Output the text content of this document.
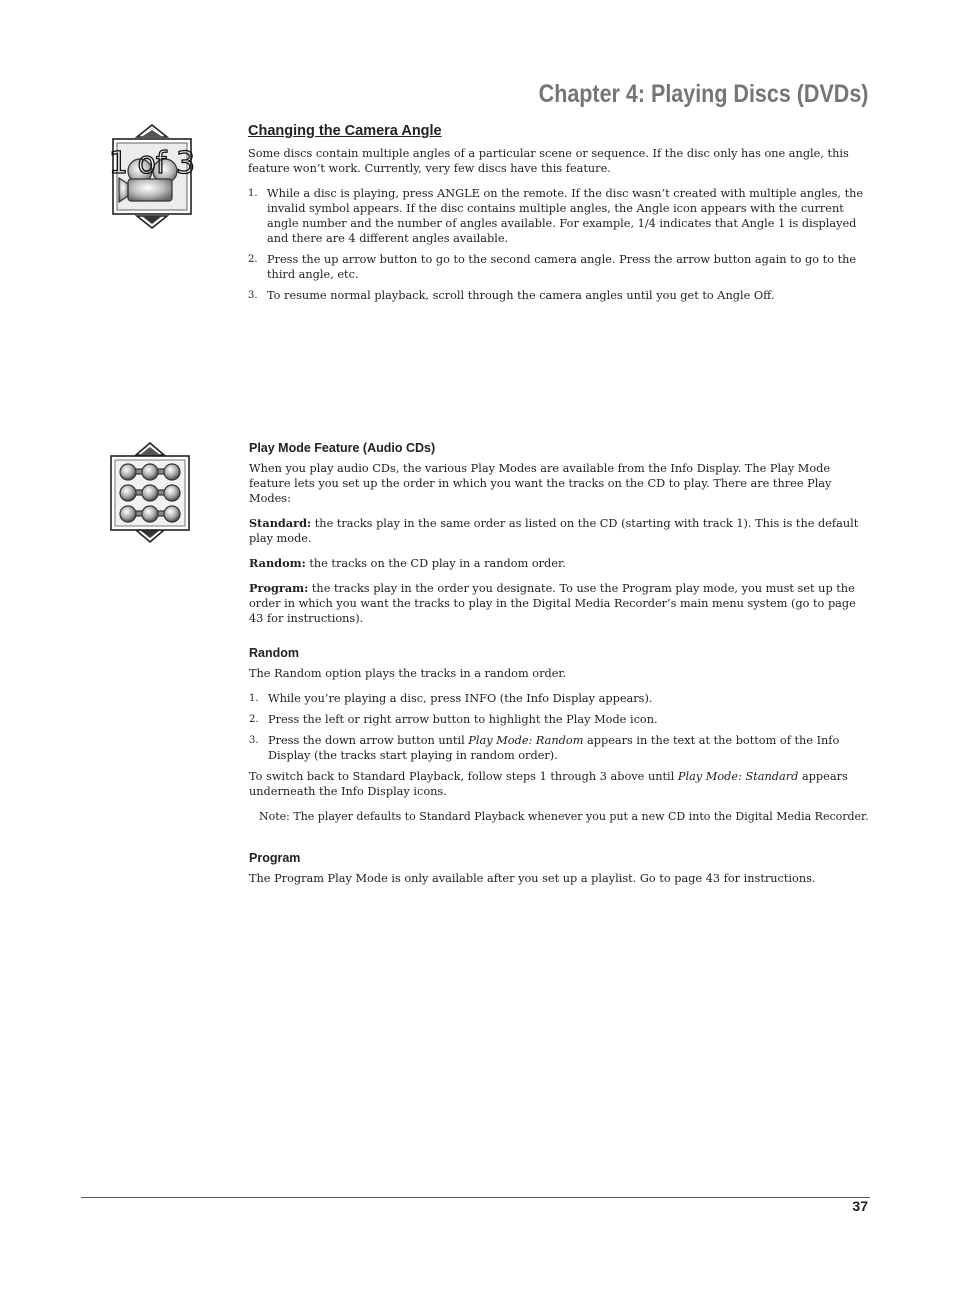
Chapter 4: Playing Discs (DVDs)
1 of 3
Changing the Camera Angle

Some discs contain multiple angles of a particular scene or sequence. If the disc only has one angle, this feature won’t work. Currently, very few discs have this feature.

1. While a disc is playing, press ANGLE on the remote. If the disc wasn’t created with multiple angles, the invalid symbol appears. If the disc contains multiple angles, the Angle icon appears with the current angle number and the number of angles available. For example, 1/4 indicates that Angle 1 is displayed and there are 4 different angles available.
2. Press the up arrow button to go to the second camera angle. Press the arrow button again to go to the third angle, etc.
3. To resume normal playback, scroll through the camera angles until you get to Angle Off.
Play Mode Feature (Audio CDs)

When you play audio CDs, the various Play Modes are available from the Info Display. The Play Mode feature lets you set up the order in which you want the tracks on the CD to play. There are three Play Modes:

Standard: the tracks play in the same order as listed on the CD (starting with track 1). This is the default play mode.

Random: the tracks on the CD play in a random order.

Program: the tracks play in the order you designate. To use the Program play mode, you must set up the order in which you want the tracks to play in the Digital Media Recorder’s main menu system (go to page 43 for instructions).

Random

The Random option plays the tracks in a random order.

1. While you’re playing a disc, press INFO (the Info Display appears).
2. Press the left or right arrow button to highlight the Play Mode icon.
3. Press the down arrow button until Play Mode: Random appears in the text at the bottom of the Info Display (the tracks start playing in random order).

To switch back to Standard Playback, follow steps 1 through 3 above until Play Mode: Standard appears underneath the Info Display icons.

Note: The player defaults to Standard Playback whenever you put a new CD into the Digital Media Recorder.

Program

The Program Play Mode is only available after you set up a playlist. Go to page 43 for instructions.

37
